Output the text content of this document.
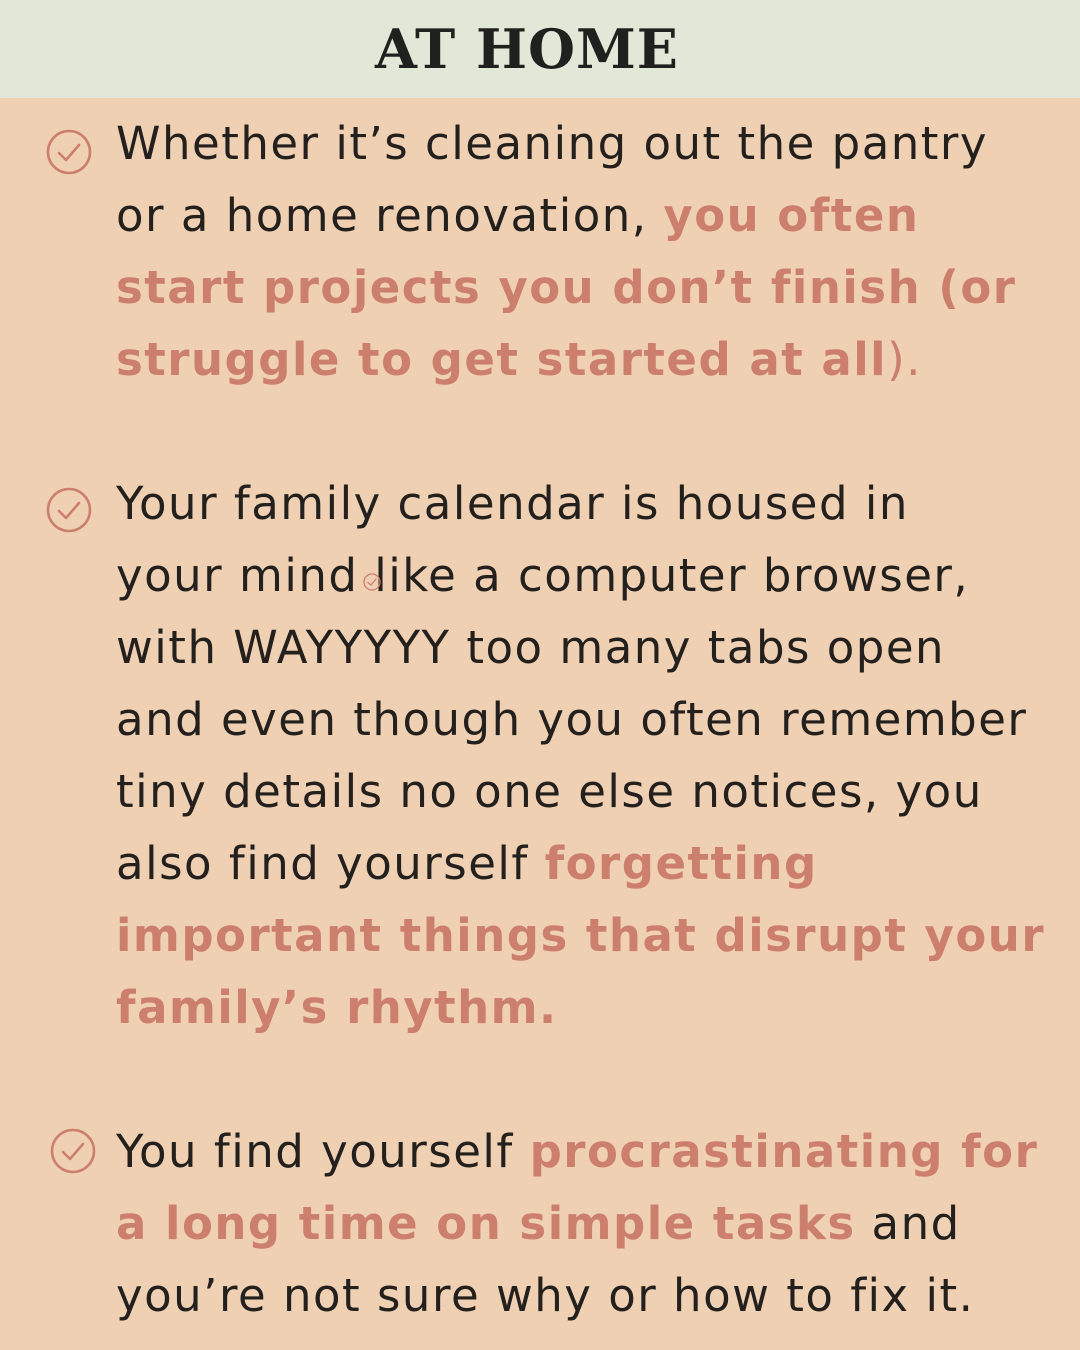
AT HOME
Whether it’s cleaning out the pantry
or a home renovation, you often
start projects you don’t finish (or
struggle to get started at all).
Your family calendar is housed in
your mind like a computer browser,
with WAYYYYY too many tabs open
and even though you often remember
tiny details no one else notices, you
also find yourself forgetting
important things that disrupt your
family’s rhythm.
You find yourself procrastinating for
a long time on simple tasks and
you’re not sure why or how to fix it.
